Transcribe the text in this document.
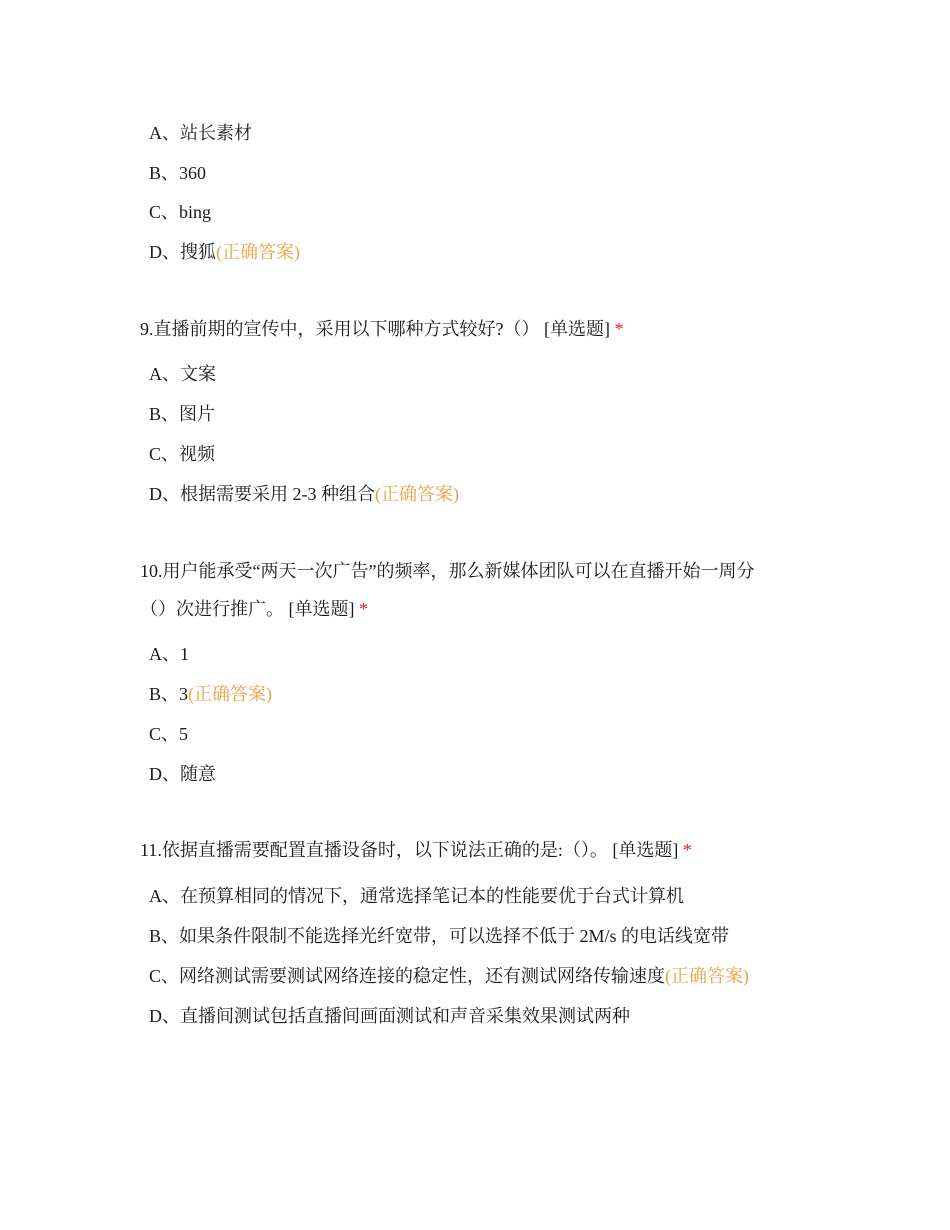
A、站长素材
B、360
C、bing
D、搜狐(正确答案)
9.直播前期的宣传中，采用以下哪种方式较好?（） [单选题] *
A、文案
B、图片
C、视频
D、根据需要采用 2-3 种组合(正确答案)
10.用户能承受“两天一次广告”的频率，那么新媒体团队可以在直播开始一周分
（）次进行推广。 [单选题] *
A、1
B、3(正确答案)
C、5
D、随意
11.依据直播需要配置直播设备时，以下说法正确的是:（）。 [单选题] *
A、在预算相同的情况下，通常选择笔记本的性能要优于台式计算机
B、如果条件限制不能选择光纤宽带，可以选择不低于 2M/s 的电话线宽带
C、网络测试需要测试网络连接的稳定性，还有测试网络传输速度(正确答案)
D、直播间测试包括直播间画面测试和声音采集效果测试两种
